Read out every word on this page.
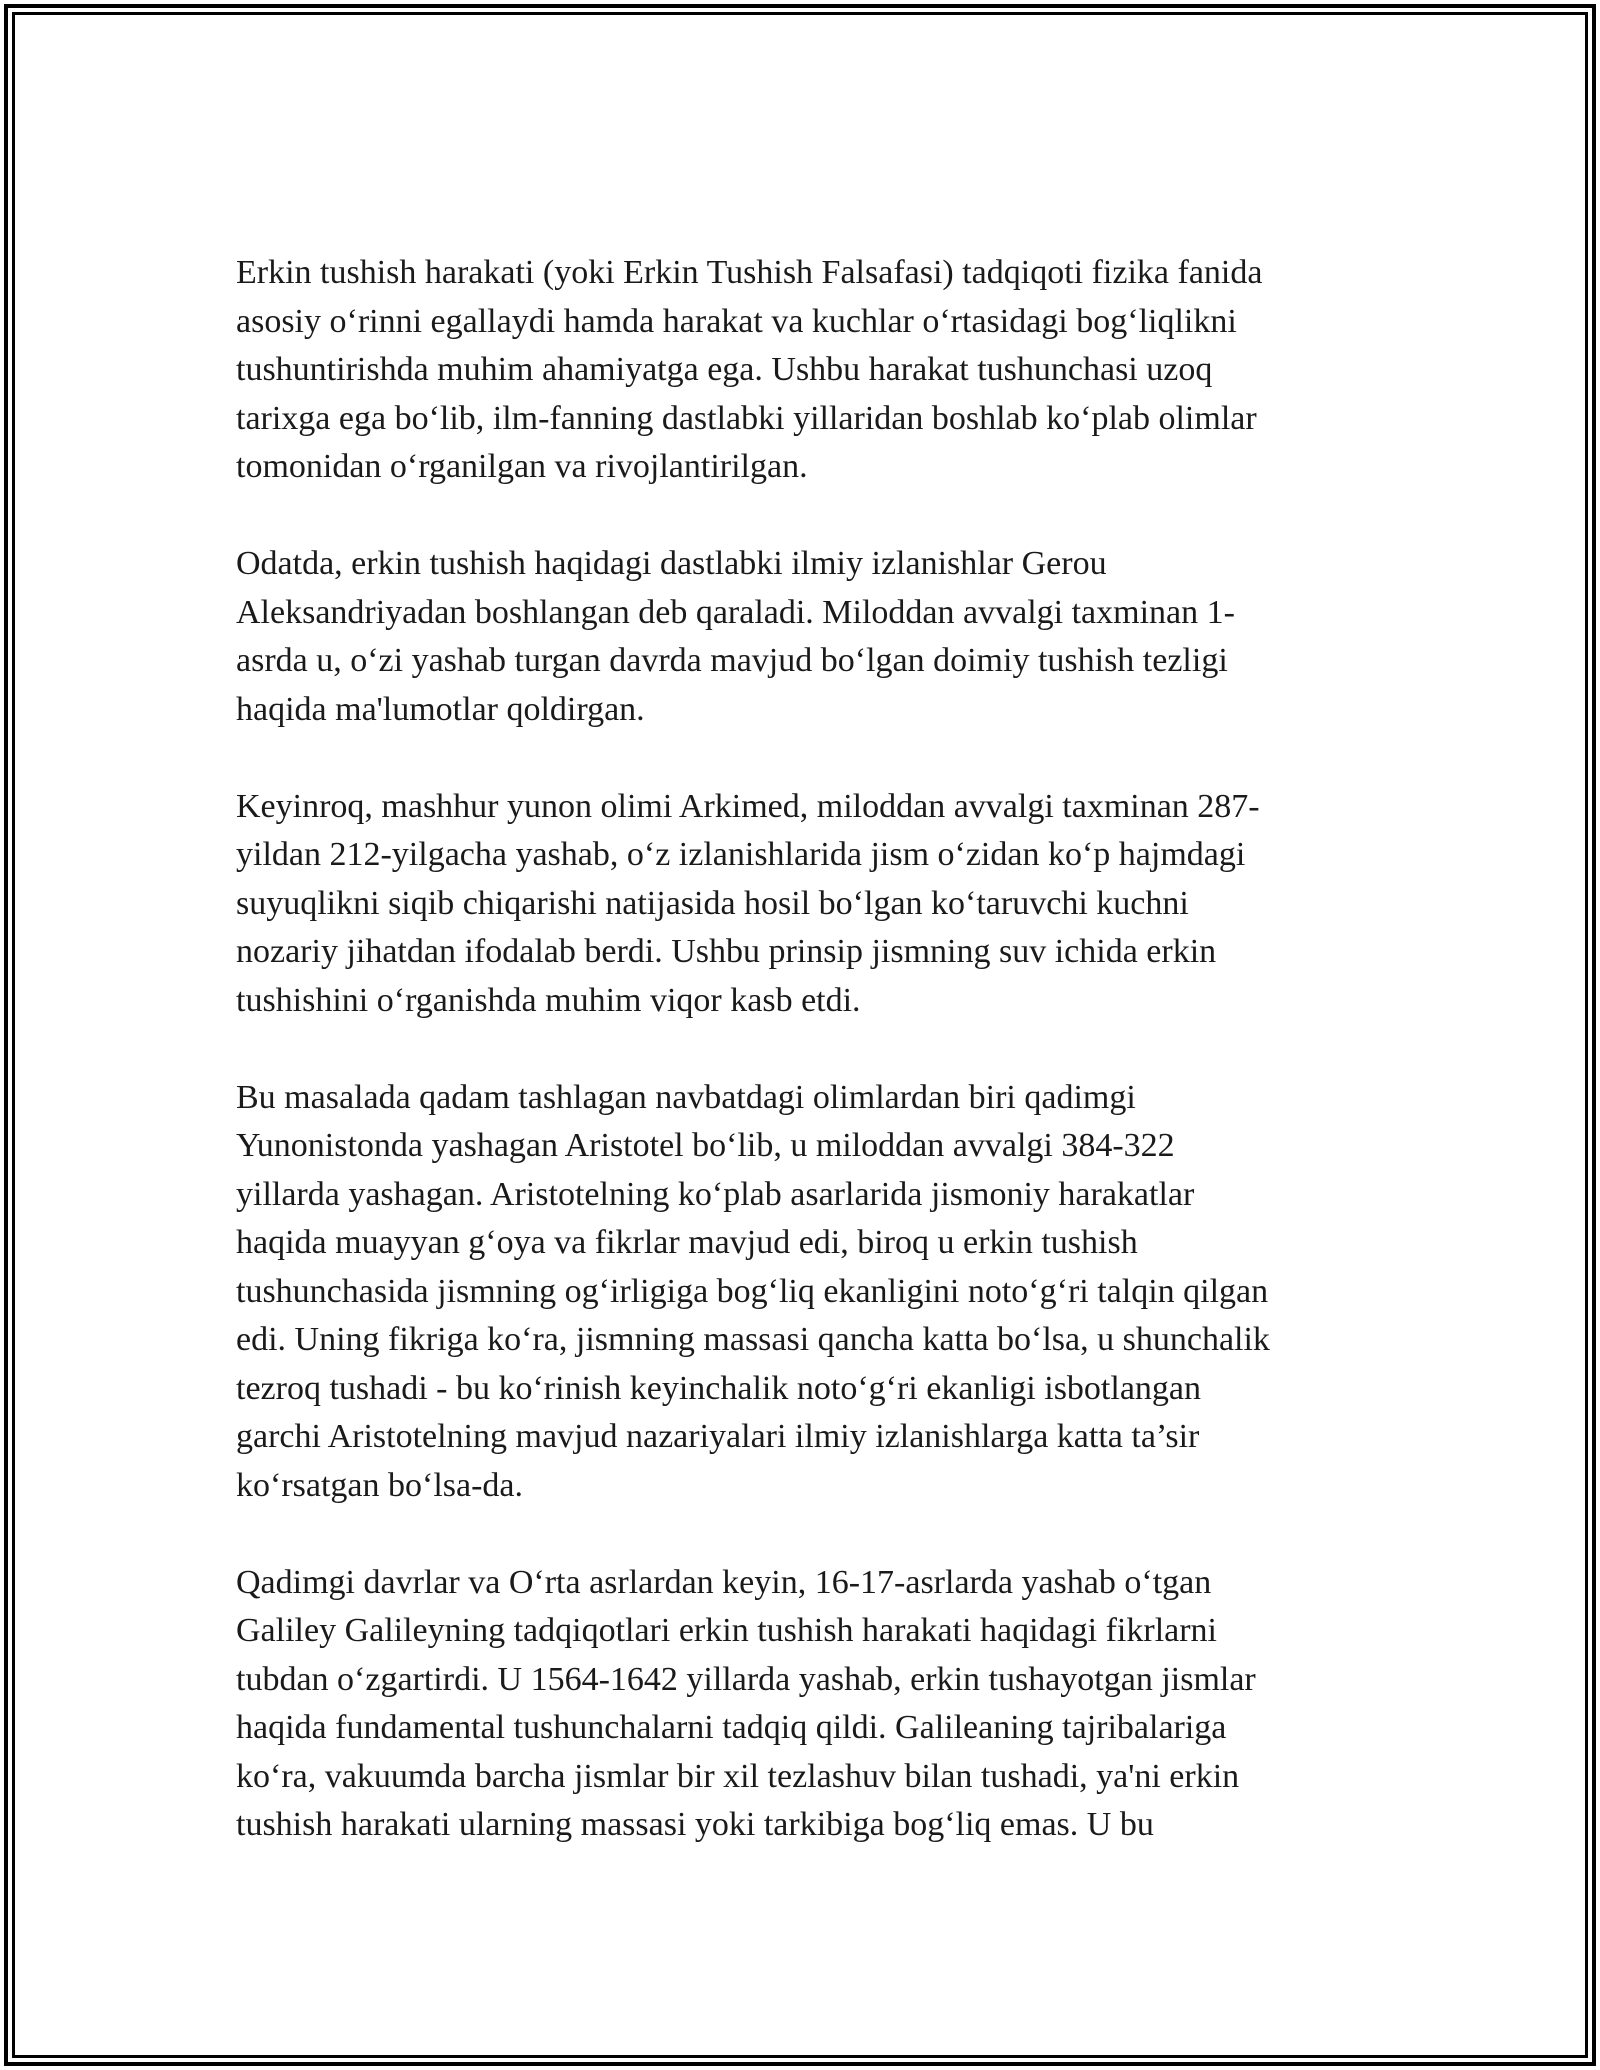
Erkin tushish harakati (yoki Erkin Tushish Falsafasi) tadqiqoti fizika fanida
asosiy o‘rinni egallaydi hamda harakat va kuchlar o‘rtasidagi bog‘liqlikni
tushuntirishda muhim ahamiyatga ega. Ushbu harakat tushunchasi uzoq
tarixga ega bo‘lib, ilm-fanning dastlabki yillaridan boshlab ko‘plab olimlar
tomonidan o‘rganilgan va rivojlantirilgan.
Odatda, erkin tushish haqidagi dastlabki ilmiy izlanishlar Gerou
Aleksandriyadan boshlangan deb qaraladi. Miloddan avvalgi taxminan 1-
asrda u, o‘zi yashab turgan davrda mavjud bo‘lgan doimiy tushish tezligi
haqida ma'lumotlar qoldirgan.
Keyinroq, mashhur yunon olimi Arkimed, miloddan avvalgi taxminan 287-
yildan 212-yilgacha yashab, o‘z izlanishlarida jism o‘zidan ko‘p hajmdagi
suyuqlikni siqib chiqarishi natijasida hosil bo‘lgan ko‘taruvchi kuchni
nozariy jihatdan ifodalab berdi. Ushbu prinsip jismning suv ichida erkin
tushishini o‘rganishda muhim viqor kasb etdi.
Bu masalada qadam tashlagan navbatdagi olimlardan biri qadimgi
Yunonistonda yashagan Aristotel bo‘lib, u miloddan avvalgi 384-322
yillarda yashagan. Aristotelning ko‘plab asarlarida jismoniy harakatlar
haqida muayyan g‘oya va fikrlar mavjud edi, biroq u erkin tushish
tushunchasida jismning og‘irligiga bog‘liq ekanligini noto‘g‘ri talqin qilgan
edi. Uning fikriga ko‘ra, jismning massasi qancha katta bo‘lsa, u shunchalik
tezroq tushadi - bu ko‘rinish keyinchalik noto‘g‘ri ekanligi isbotlangan
garchi Aristotelning mavjud nazariyalari ilmiy izlanishlarga katta ta’sir
ko‘rsatgan bo‘lsa-da.
Qadimgi davrlar va O‘rta asrlardan keyin, 16-17-asrlarda yashab o‘tgan
Galiley Galileyning tadqiqotlari erkin tushish harakati haqidagi fikrlarni
tubdan o‘zgartirdi. U 1564-1642 yillarda yashab, erkin tushayotgan jismlar
haqida fundamental tushunchalarni tadqiq qildi. Galileaning tajribalariga
ko‘ra, vakuumda barcha jismlar bir xil tezlashuv bilan tushadi, ya'ni erkin
tushish harakati ularning massasi yoki tarkibiga bog‘liq emas. U bu
